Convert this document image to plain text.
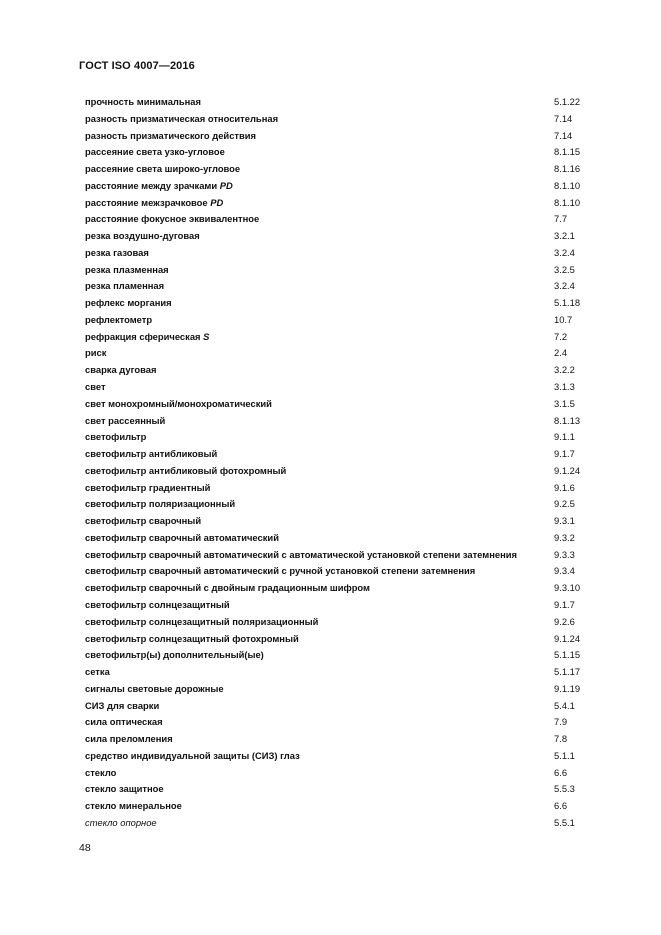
ГОСТ ISO 4007—2016
прочность минимальная	5.1.22
разность призматическая относительная	7.14
разность призматического действия	7.14
рассеяние света узко-угловое	8.1.15
рассеяние света широко-угловое	8.1.16
расстояние между зрачками PD	8.1.10
расстояние межзрачковое PD	8.1.10
расстояние фокусное эквивалентное	7.7
резка воздушно-дуговая	3.2.1
резка газовая	3.2.4
резка плазменная	3.2.5
резка пламенная	3.2.4
рефлекс моргания	5.1.18
рефлектометр	10.7
рефракция сферическая S	7.2
риск	2.4
сварка дуговая	3.2.2
свет	3.1.3
свет монохромный/монохроматический	3.1.5
свет рассеянный	8.1.13
светофильтр	9.1.1
светофильтр антибликовый	9.1.7
светофильтр антибликовый фотохромный	9.1.24
светофильтр градиентный	9.1.6
светофильтр поляризационный	9.2.5
светофильтр сварочный	9.3.1
светофильтр сварочный автоматический	9.3.2
светофильтр сварочный автоматический с автоматической установкой степени затемнения	9.3.3
светофильтр сварочный автоматический с ручной установкой степени затемнения	9.3.4
светофильтр сварочный с двойным градационным шифром	9.3.10
светофильтр солнцезащитный	9.1.7
светофильтр солнцезащитный поляризационный	9.2.6
светофильтр солнцезащитный фотохромный	9.1.24
светофильтр(ы) дополнительный(ые)	5.1.15
сетка	5.1.17
сигналы световые дорожные	9.1.19
СИЗ для сварки	5.4.1
сила оптическая	7.9
сила преломления	7.8
средство индивидуальной защиты (СИЗ) глаз	5.1.1
стекло	6.6
стекло защитное	5.5.3
стекло минеральное	6.6
стекло опорное	5.5.1
48
